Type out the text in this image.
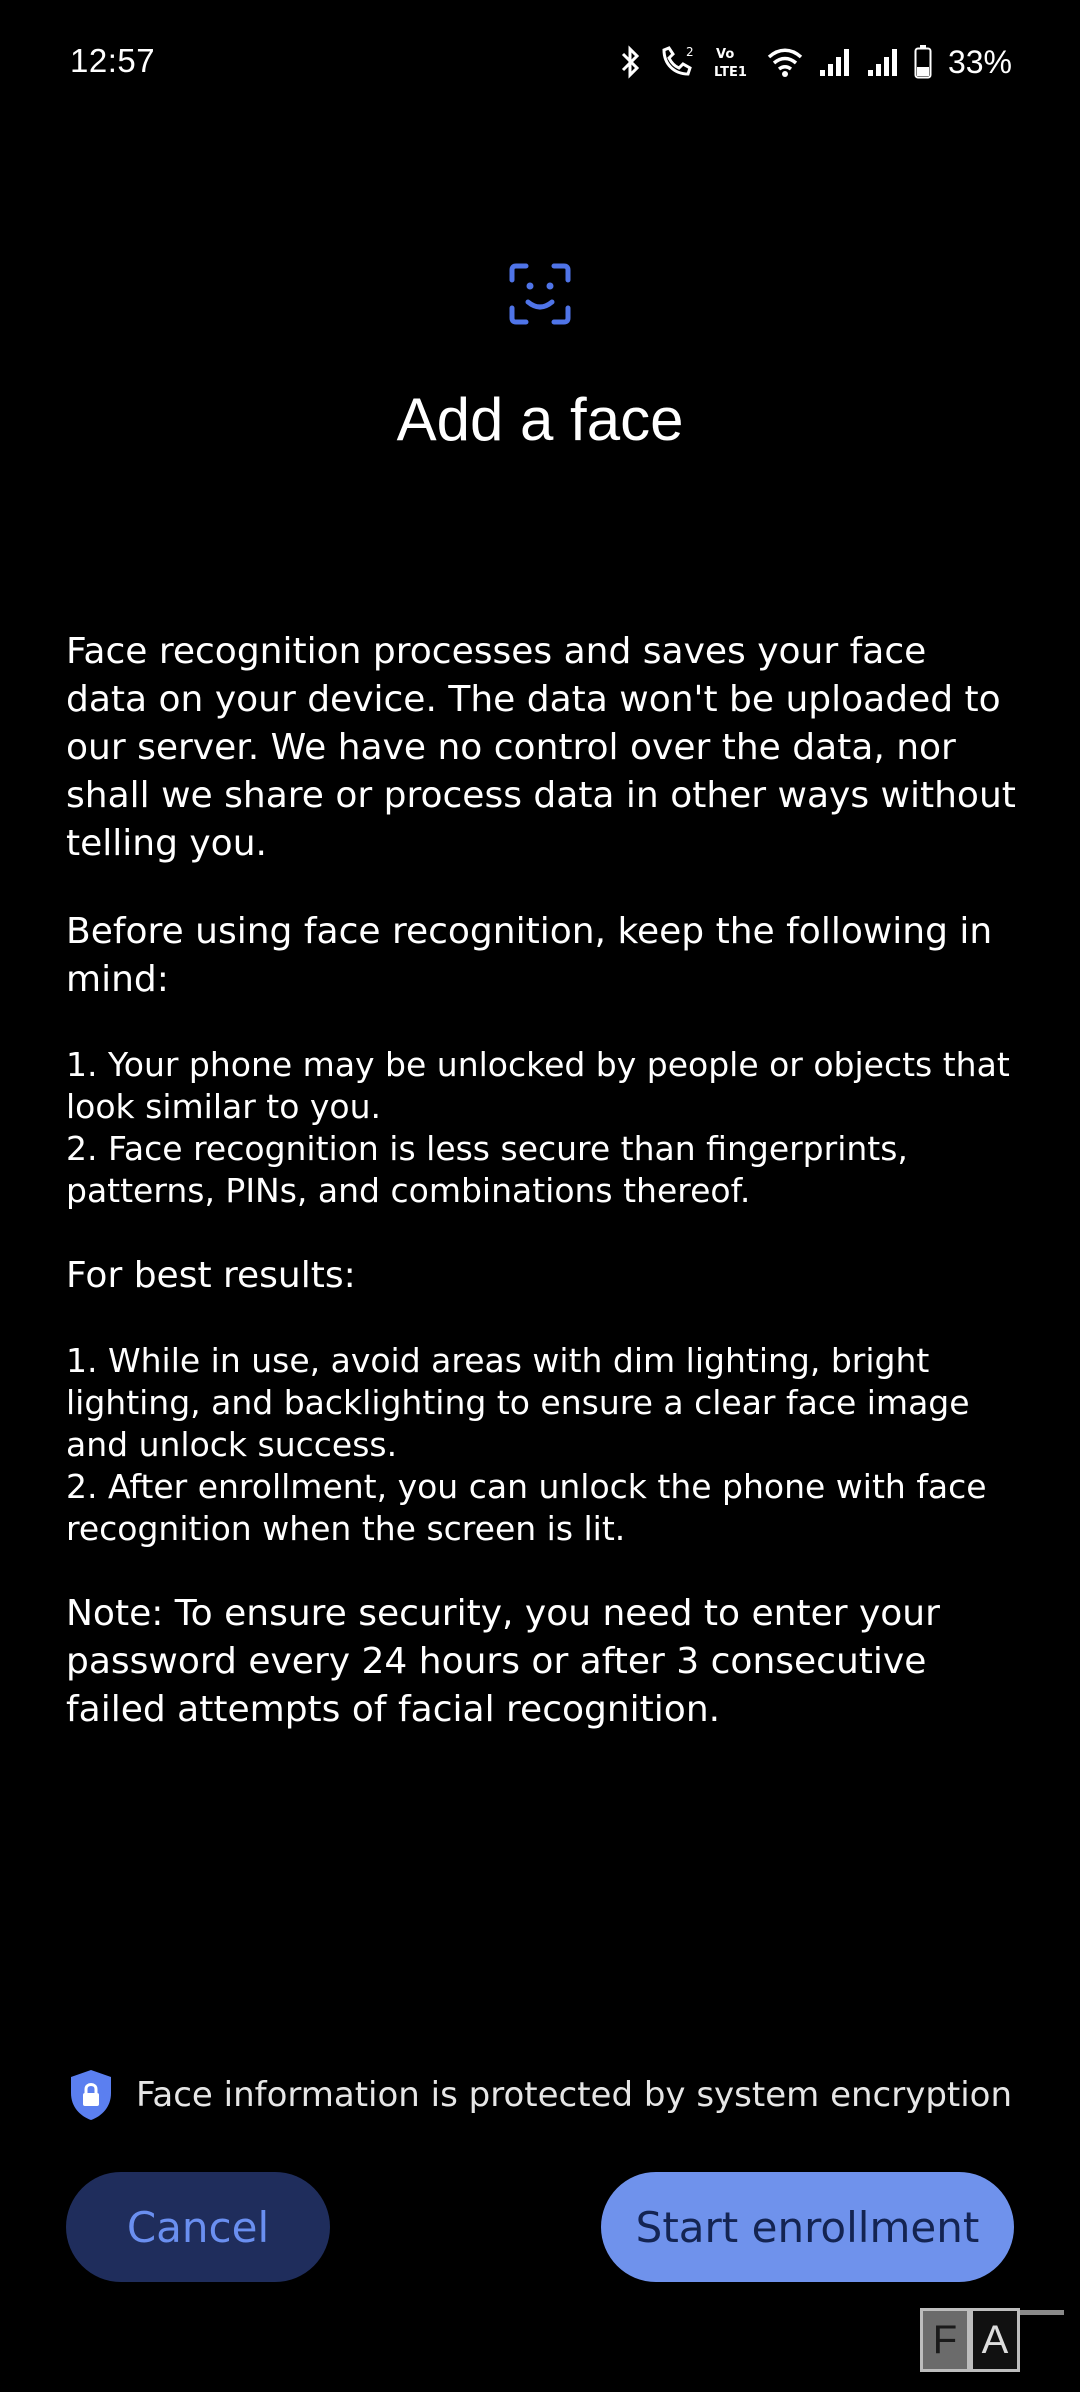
12:57	2 Vo
LTE1	33%
Add a face

Face recognition processes and saves your face data on your device. The data won't be uploaded to our server. We have no control over the data, nor shall we share or process data in other ways without telling you.

Before using face recognition, keep the following in mind:

1. Your phone may be unlocked by people or objects that look similar to you.
2. Face recognition is less secure than fingerprints, patterns, PINs, and combinations thereof.

For best results:

1. While in use, avoid areas with dim lighting, bright lighting, and backlighting to ensure a clear face image and unlock success.
2. After enrollment, you can unlock the phone with face recognition when the screen is lit.

Note: To ensure security, you need to enter your password every 24 hours or after 3 consecutive failed attempts of facial recognition.

Face information is protected by system encryption
Cancel	Start enrollment
F A
